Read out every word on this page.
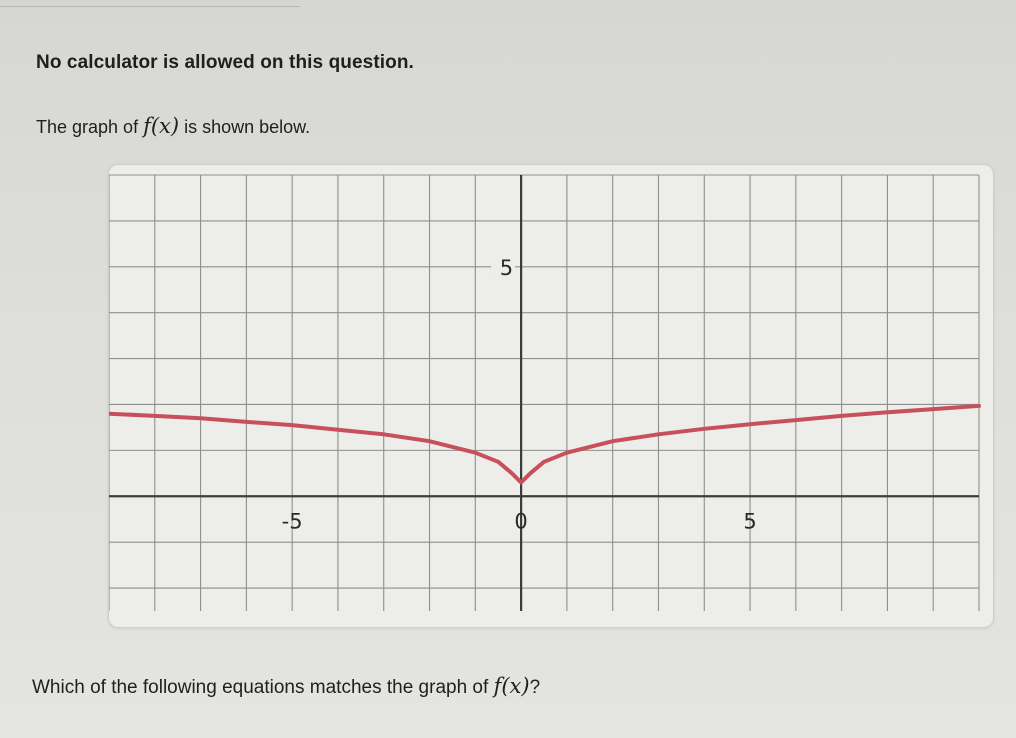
No calculator is allowed on this question.
The graph of f(x) is shown below.
-5	0	5
5
Which of the following equations matches the graph of f(x)?
